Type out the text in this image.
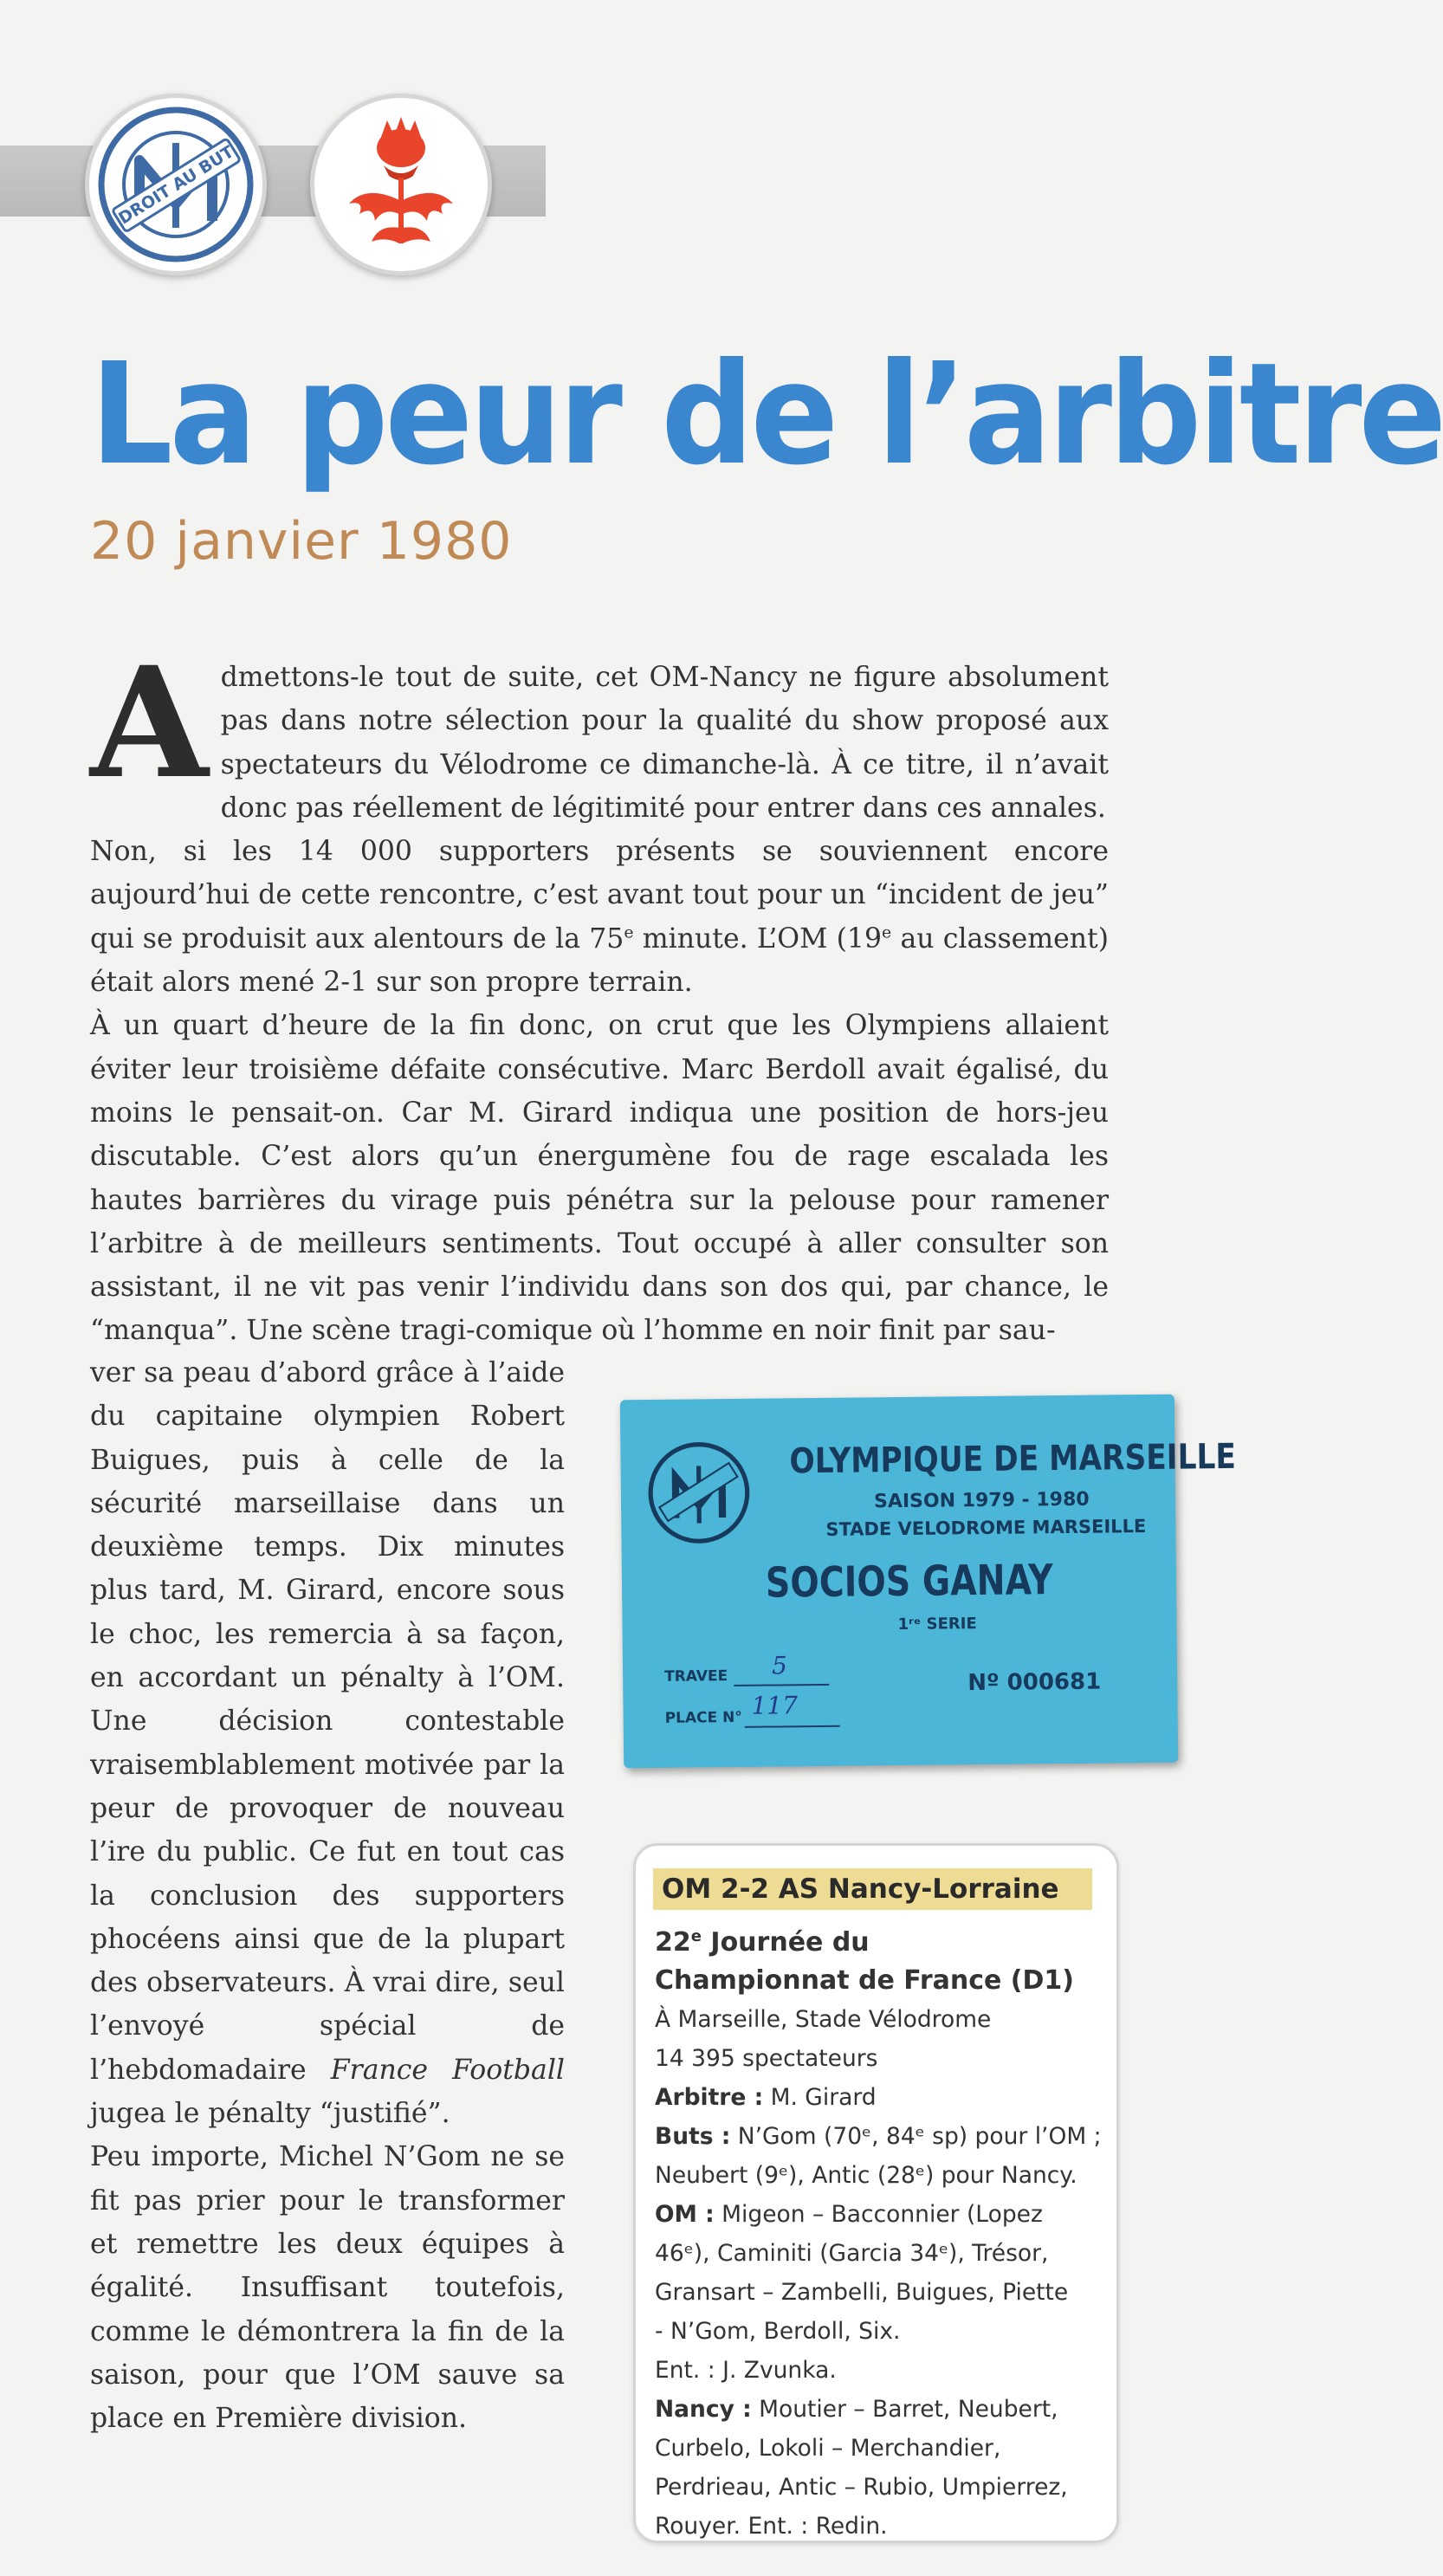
DROIT AU BUT
La peur de l’arbitre
20 janvier 1980

Admettons-le tout de suite, cet OM-Nancy ne figure absolument pas dans notre sélection pour la qualité du show proposé aux spectateurs du Vélodrome ce dimanche-là. À ce titre, il n’avait donc pas réellement de légitimité pour entrer dans ces annales.

Non, si les 14 000 supporters présents se souviennent encore aujourd’hui de cette rencontre, c’est avant tout pour un “incident de jeu” qui se produisit aux alentours de la 75e minute. L’OM (19e au classement) était alors mené 2-1 sur son propre terrain.

À un quart d’heure de la fin donc, on crut que les Olympiens allaient éviter leur troisième défaite consécutive. Marc Berdoll avait égalisé, du moins le pensait-on. Car M. Girard indiqua une position de hors-jeu discutable. C’est alors qu’un énergumène fou de rage escalada les hautes barrières du virage puis pénétra sur la pelouse pour ramener l’arbitre à de meilleurs sentiments. Tout occupé à aller consulter son assistant, il ne vit pas venir l’individu dans son dos qui, par chance, le “manqua”. Une scène tragi-comique où l’homme en noir finit par sau-

ver sa peau d’abord grâce à l’aide du capitaine olympien Robert Buigues, puis à celle de la sécurité marseillaise dans un deuxième temps. Dix minutes plus tard, M. Girard, encore sous le choc, les remercia à sa façon, en accordant un pénalty à l’OM. Une décision contestable vraisemblablement motivée par la peur de provoquer de nouveau l’ire du public. Ce fut en tout cas la conclusion des supporters phocéens ainsi que de la plupart des observateurs. À vrai dire, seul l’envoyé spécial de l’hebdomadaire France Football jugea le pénalty “justifié”.

Peu importe, Michel N’Gom ne se fit pas prier pour le transformer et remettre les deux équipes à égalité. Insuffisant toutefois, comme le démontrera la fin de la saison, pour que l’OM sauve sa place en Première division.

OLYMPIQUE DE MARSEILLE
SAISON 1979 - 1980
STADE VELODROME MARSEILLE
SOCIOS GANAY
1ʳᵉ SERIE
TRAVEE 5
PLACE N° 117
Nº 000681
OM 2-2 AS Nancy-Lorraine
22e Journée du
Championnat de France (D1)
À Marseille, Stade Vélodrome
14 395 spectateurs
Arbitre : M. Girard
Buts : N’Gom (70ᵉ, 84ᵉ sp) pour l’OM ;
Neubert (9ᵉ), Antic (28ᵉ) pour Nancy.
OM : Migeon – Bacconnier (Lopez
46ᵉ), Caminiti (Garcia 34ᵉ), Trésor,
Gransart – Zambelli, Buigues, Piette
- N’Gom, Berdoll, Six.
Ent. : J. Zvunka.
Nancy : Moutier – Barret, Neubert,
Curbelo, Lokoli – Merchandier,
Perdrieau, Antic – Rubio, Umpierrez,
Rouyer. Ent. : Redin.
